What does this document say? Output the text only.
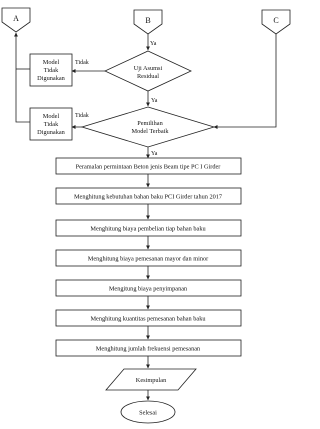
A	B	C
Ya
Uji Asumsi
Residual
Tidak
Model
Tidak
Digunakan
Ya
Pemilihan
Model Terbaik
Tidak
Model
Tidak
Digunakan
Ya
Peramalan permintaan Beton jenis Beam tipe PC I Girder
Menghitung kebutuhan bahan baku PCI Girder tahun 2017
Menghitung biaya pembelian tiap bahan baku
Menghitung biaya pemesanan mayor dan minor
Mengitung biaya penyimpanan
Menghitung kuantitas pemesanan bahan baku
Menghitung jumlah frekuensi pemesanan
Kesimpulan
Selesai
